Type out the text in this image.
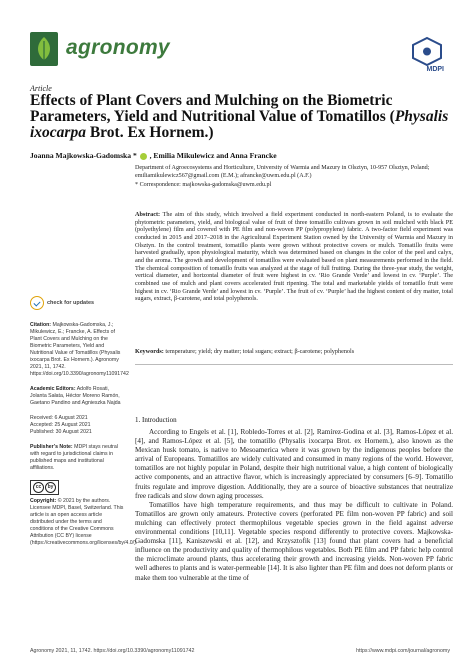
agronomy
MDPI
Article
Effects of Plant Covers and Mulching on the Biometric Parameters, Yield and Nutritional Value of Tomatillos (Physalis ixocarpa Brot. Ex Hornem.)
Joanna Majkowska-Gadomska * , Emilia Mikulewicz and Anna Francke

Department of Agroecosystems and Horticulture, University of Warmia and Mazury in Olsztyn, 10-957 Olsztyn, Poland; emiliamikulewicz567@gmail.com (E.M.); afrancke@uwm.edu.pl (A.F.)

* Correspondence: majkowska-gadomska@uwm.edu.pl

Abstract: The aim of this study, which involved a field experiment conducted in north-eastern Poland, is to evaluate the phytometric parameters, yield, and biological value of fruit of three tomatillo cultivars grown in soil mulched with black PE (polyethylene) film and covered with PE film and non-woven PP (polypropylene) fabric. A two-factor field experiment was conducted in 2015 and 2017–2018 in the Agricultural Experiment Station owned by the University of Warmia and Mazury in Olsztyn. In the control treatment, tomatillo plants were grown without protective covers or mulch. Tomatillo fruits were harvested gradually, upon physiological maturity, which was determined based on changes in the color of the peel and calyx, and the aroma. The growth and development of tomatillos were evaluated based on plant measurements performed in the field. The chemical composition of tomatillo fruits was analyzed at the stage of full fruiting. During the three-year study, the weight, vertical diameter, and horizontal diameter of fruit were highest in cv. ‘Rio Grande Verde’ and lowest in cv. ‘Purple’. The combined use of mulch and plant covers accelerated fruit ripening. The total and marketable yields of tomatillo fruit were highest in cv. ‘Rio Grande Verde’ and lowest in cv. ‘Purple’. The fruit of cv. ‘Purple’ had the highest content of dry matter, total sugars, extract, β-carotene, and total polyphenols.
Keywords: temperature; yield; dry matter; total sugars; extract; β-carotene; polyphenols
check for updates
Citation: Majkowska-Gadomska, J.; Mikulewicz, E.; Francke, A. Effects of Plant Covers and Mulching on the Biometric Parameters, Yield and Nutritional Value of Tomatillos (Physalis ixocarpa Brot. Ex Hornem.). Agronomy 2021, 11, 1742. https://doi.org/10.3390/agronomy11091742
Academic Editors: Adolfo Rosati, Jolanta Sałata, Héctor Moreno Ramón, Gaetano Pandino and Agnieszka Najda
Received: 6 August 2021
Accepted: 25 August 2021
Published: 30 August 2021
Publisher’s Note: MDPI stays neutral with regard to jurisdictional claims in published maps and institutional affiliations.
cc	by
Copyright: © 2021 by the authors. Licensee MDPI, Basel, Switzerland. This article is an open access article distributed under the terms and conditions of the Creative Commons Attribution (CC BY) license (https://creativecommons.org/licenses/by/4.0/).
1. Introduction

According to Engels et al. [1], Robledo-Torres et al. [2], Ramírez-Godina et al. [3], Ramos-López et al. [4], and Ramos-López et al. [5], the tomatillo (Physalis ixocarpa Brot. ex Hornem.), also known as the Mexican husk tomato, is native to Mesoamerica where it was grown by the indigenous peoples before the arrival of Europeans. Tomatillos are widely cultivated and consumed in many regions of the world. However, tomatillos are not highly popular in Poland, despite their high nutritional value, a high content of biologically active components, and an attractive flavor, which is increasingly appreciated by consumers [6–9]. Tomatillo fruits regulate and improve digestion. Additionally, they are a source of bioactive substances that neutralize free radicals and slow down aging processes.

Tomatillos have high temperature requirements, and thus may be difficult to cultivate in Poland. Tomatillos are grown only amateurs. Protective covers (perforated PE film non-woven PP fabric) and soil mulching can effectively protect thermophilous vegetable species grown in the field against adverse environmental conditions [10,11]. Vegetable species respond differently to protective covers. Majkowska-Gadomska [11], Kaniszewski et al. [12], and Krzysztofik [13] found that plant covers had a beneficial influence on the productivity and quality of thermophilous vegetables. Both PE film and PP fabric help control the microclimate around plants, thus accelerating their growth and increasing yields. Non-woven PP fabric well adheres to plants and is water-permeable [14]. It is also lighter than PE film and does not deform plants or make them too vulnerable at the time of

Agronomy 2021, 11, 1742. https://doi.org/10.3390/agronomy11091742	https://www.mdpi.com/journal/agronomy
